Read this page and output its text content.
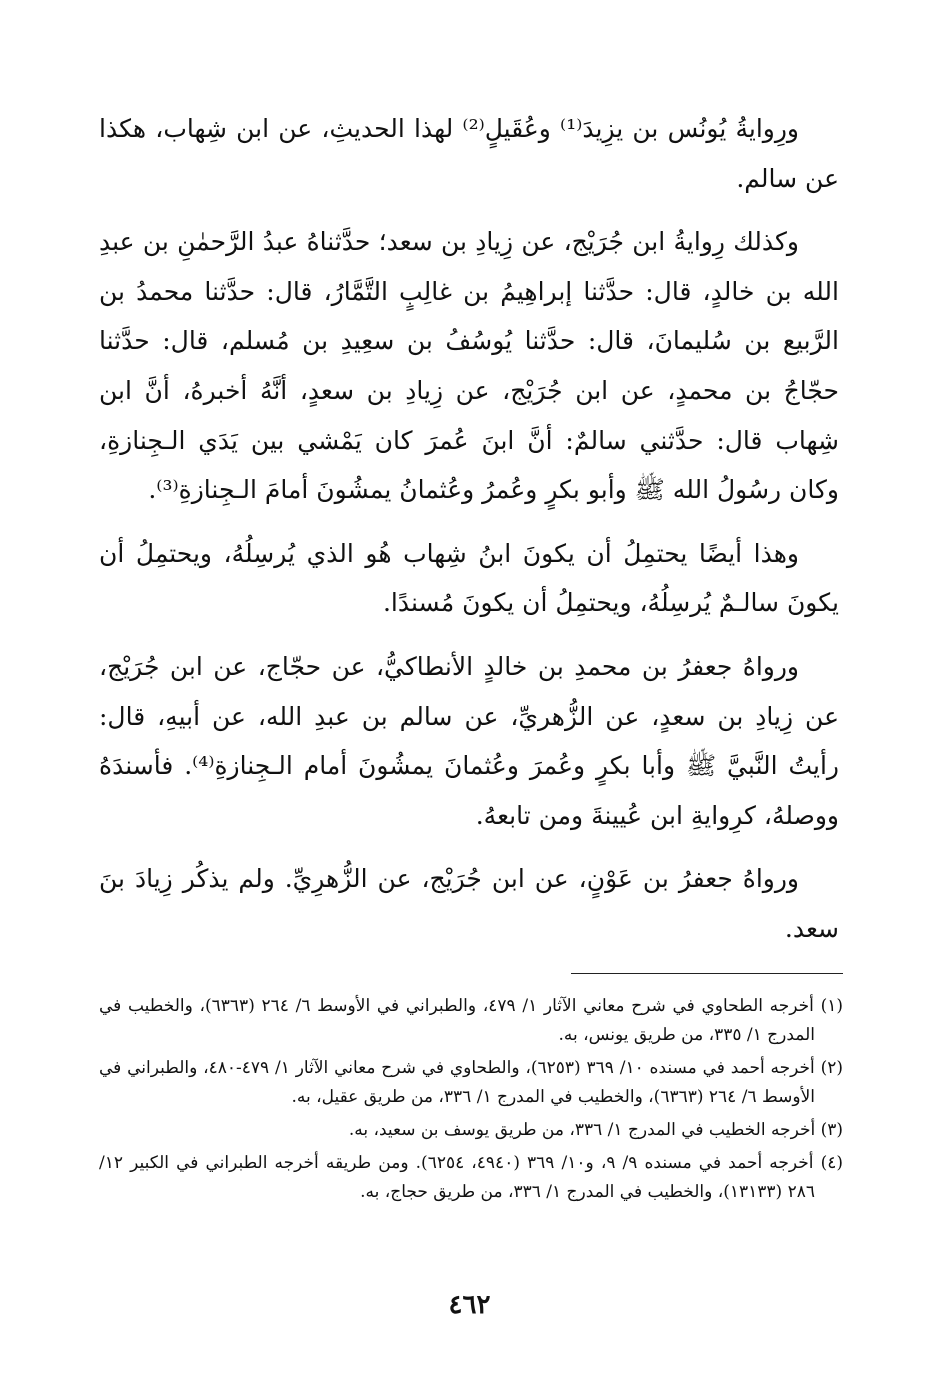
ورِوايةُ يُونُس بن يزِيدَ⁽¹⁾ وعُقَيلٍ⁽²⁾ لهذا الحديثِ، عن ابن شِهاب، هكذا عن سالم.

وكذلك رِوايةُ ابن جُرَيْج، عن زِيادِ بن سعد؛ حدَّثناهُ عبدُ الرَّحمٰنِ بن عبدِ الله بن خالدٍ، قال: حدَّثنا إبراهِيمُ بن غالِبٍ التَّمَّارُ، قال: حدَّثنا محمدُ بن الرَّبيع بن سُليمانَ، قال: حدَّثنا يُوسُفُ بن سعِيدِ بن مُسلم، قال: حدَّثنا حجّاجُ بن محمدٍ، عن ابن جُرَيْج، عن زِيادِ بن سعدٍ، أنَّهُ أخبرهُ، أنَّ ابن شِهاب قال: حدَّثني سالمٌ: أنَّ ابنَ عُمرَ كان يَمْشي بين يَدَي الـجِنازةِ، وكان رسُولُ الله ﷺ وأبو بكرٍ وعُمرُ وعُثمانُ يمشُونَ أمامَ الـجِنازةِ⁽³⁾.

وهذا أيضًا يحتمِلُ أن يكونَ ابنُ شِهاب هُو الذي يُرسِلُهُ، ويحتمِلُ أن يكونَ سالـمٌ يُرسِلُهُ، ويحتمِلُ أن يكونَ مُسندًا.

ورواهُ جعفرُ بن محمدِ بن خالدٍ الأنطاكيُّ، عن حجّاج، عن ابن جُرَيْج، عن زِيادِ بن سعدٍ، عن الزُّهريِّ، عن سالم بن عبدِ الله، عن أبيهِ، قال: رأيتُ النَّبيَّ ﷺ وأبا بكرٍ وعُمرَ وعُثمانَ يمشُونَ أمام الـجِنازةِ⁽⁴⁾. فأسندَهُ ووصلهُ، كرِوايةِ ابن عُيينةَ ومن تابعهُ.

ورواهُ جعفرُ بن عَوْنٍ، عن ابن جُرَيْج، عن الزُّهرِيِّ. ولم يذكُر زِيادَ بنَ سعد.

(١) أخرجه الطحاوي في شرح معاني الآثار ١/ ٤٧٩، والطبراني في الأوسط ٦/ ٢٦٤ (٦٣٦٣)، والخطيب في المدرج ١/ ٣٣٥، من طريق يونس، به.

(٢) أخرجه أحمد في مسنده ١٠/ ٣٦٩ (٦٢٥٣)، والطحاوي في شرح معاني الآثار ١/ ٤٧٩-٤٨٠، والطبراني في الأوسط ٦/ ٢٦٤ (٦٣٦٣)، والخطيب في المدرج ١/ ٣٣٦، من طريق عقيل، به.

(٣) أخرجه الخطيب في المدرج ١/ ٣٣٦، من طريق يوسف بن سعيد، به.

(٤) أخرجه أحمد في مسنده ٩/ ٩، و١٠/ ٣٦٩ (٤٩٤٠، ٦٢٥٤). ومن طريقه أخرجه الطبراني في الكبير ١٢/ ٢٨٦ (١٣١٣٣)، والخطيب في المدرج ١/ ٣٣٦، من طريق حجاج، به.

٤٦٢
